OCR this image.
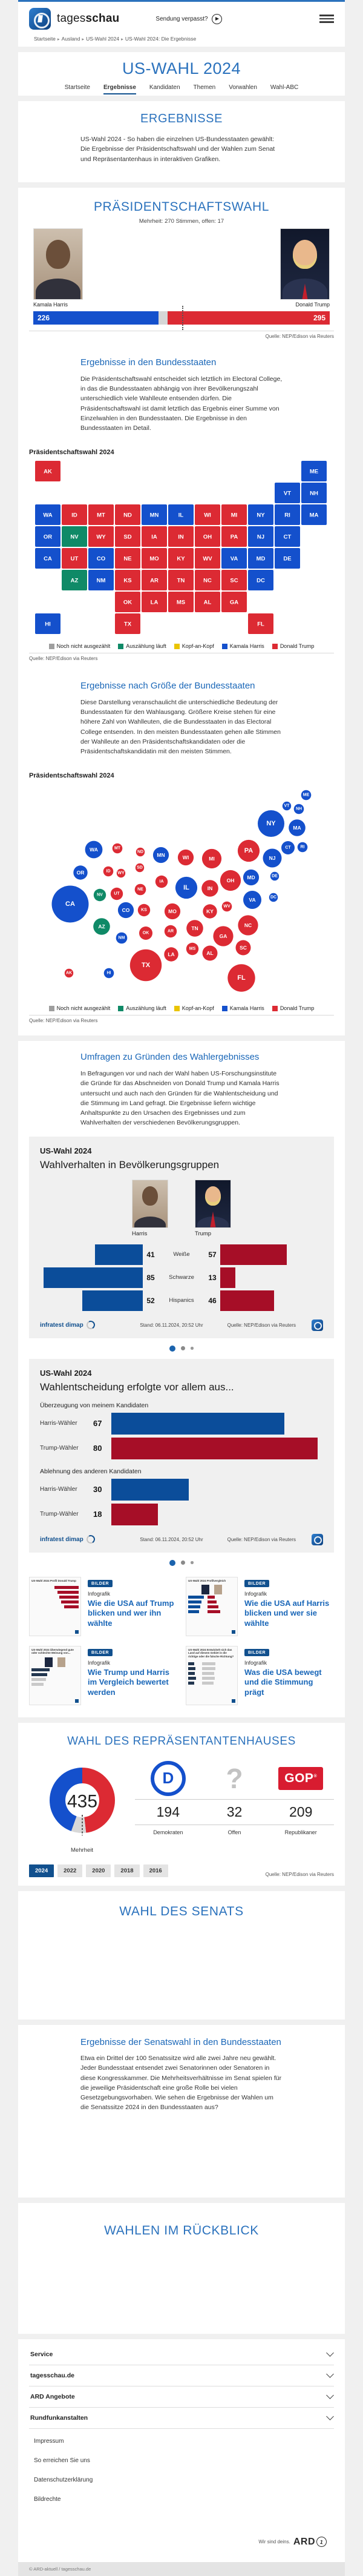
tagesschau	Sendung verpasst?
Startseite ▸ Ausland ▸ US-Wahl 2024 ▸ US-Wahl 2024: Die Ergebnisse
US-WAHL 2024
Startseite Ergebnisse Kandidaten Themen Vorwahlen Wahl-ABC
ERGEBNISSE

US-Wahl 2024 - So haben die einzelnen US-Bundesstaaten gewählt: Die Ergebnisse der Präsidentschaftswahl und der Wahlen zum Senat und Repräsentantenhaus in interaktiven Grafiken.

PRÄSIDENTSCHAFTSWAHL
Mehrheit: 270 Stimmen, offen: 17
Kamala Harris	Donald Trump
226	295
Quelle: NEP/Edison via Reuters
Ergebnisse in den Bundesstaaten

Die Präsidentschaftswahl entscheidet sich letztlich im Electoral College, in das die Bundesstaaten abhängig von ihrer Bevölkerungszahl unterschiedlich viele Wahlleute entsenden dürfen. Die Präsidentschaftswahl ist damit letztlich das Ergebnis einer Summe von Einzelwahlen in den Bundesstaaten. Die Ergebnisse in den Bundesstaaten im Detail.

Präsidentschaftswahl 2024
AK
AL
AR
AZ
CA	CO
CT
DC
DE
FL
GA
HI
IA
ID	IL
IN
KS
KY
LA
MA
MD
ME
MI
MN
MO
MS
MT
NC
ND
NE
NH
NJ
NM
NV
NY
OH
OK
OR	PA
RI
SC
SD
TN
TX
UT	VA
VT
WA	WI
WV
WY
Noch nicht ausgezählt	Auszählung läuft	Kopf-an-Kopf	Kamala Harris	Donald Trump
Quelle: NEP/Edison via Reuters
Ergebnisse nach Größe der Bundesstaaten

Diese Darstellung veranschaulicht die unterschiedliche Bedeutung der Bundesstaaten für den Wahlausgang. Größere Kreise stehen für eine höhere Zahl von Wahlleuten, die die Bundesstaaten in das Electoral College entsenden. In den meisten Bundesstaaten gehen alle Stimmen der Wahlleute an den Präsidentschaftskandidaten oder die Präsidentschaftskandidatin mit den meisten Stimmen.

Präsidentschaftswahl 2024
AK
AL
AR
AZ
CA
CO
CT
DC
DE
FL
GA
HI
IA
ID
IL	IN
KS	KY
LA
MA
MD
ME
MI
MN
MO
MS
MT
NC
ND
NE
NH
NJ
NM
NV
NY
OH
OK
OR
PA	RI
SC
SD
TN
TX
UT
VA
VT
WA
WI
WV
WY
Noch nicht ausgezählt	Auszählung läuft	Kopf-an-Kopf	Kamala Harris	Donald Trump
Quelle: NEP/Edison via Reuters
Umfragen zu Gründen des Wahlergebnisses

In Befragungen vor und nach der Wahl haben US-Forschungsinstitute die Gründe für das Abschneiden von Donald Trump und Kamala Harris untersucht und auch nach den Gründen für die Wahlentscheidung und die Stimmung im Land gefragt. Die Ergebnisse liefern wichtige Anhaltspunkte zu den Ursachen des Ergebnisses und zum Wahlverhalten der verschiedenen Bevölkerungsgruppen.

US-Wahl 2024
Wahlverhalten in Bevölkerungsgruppen
Harris	Trump
41	Weiße	57
85	Schwarze	13
52	Hispanics	46
infratest dimap	Stand: 06.11.2024, 20:52 Uhr	Quelle: NEP/Edison via Reuters
US-Wahl 2024
Wahlentscheidung erfolgte vor allem aus...
Überzeugung von meinem Kandidaten
Harris-Wähler	67
Trump-Wähler	80
Ablehnung des anderen Kandidaten
Harris-Wähler	30
Trump-Wähler	18
infratest dimap	Stand: 06.11.2024, 20:52 Uhr	Quelle: NEP/Edison via Reuters
US-Wahl 2024 Profil Donald Trump
BILDER
Infografik
Wie die USA auf Trump blicken und wer ihn wählte
US-Wahl 2024 Profilvergleich
BILDER
Infografik
Wie die USA auf Harris blicken und wer sie wählte
US-Wahl 2024 Überwiegend gute oder schlechte Meinung von...	BILDER
Infografik
Wie Trump und Harris im Vergleich bewertet werden
US-Wahl 2024 Entwickelt sich das Land auf diesem Gebiet in die richtige oder die falsche Richtung?
BILDER
Infografik
Was die USA bewegt und die Stimmung prägt
WAHL DES REPRÄSENTANTENHAUSES
435
Mehrheit
D
194
Demokraten
?
32
Offen
GOP®
209
Republikaner
2024	2022	2020	2018	2016
Quelle: NEP/Edison via Reuters
WAHL DES SENATS
Ergebnisse der Senatswahl in den Bundesstaaten

Etwa ein Drittel der 100 Senatssitze wird alle zwei Jahre neu gewählt. Jeder Bundesstaat entsendet zwei Senatorinnen oder Senatoren in diese Kongresskammer. Die Mehrheitsverhältnisse im Senat spielen für die jeweilige Präsidentschaft eine große Rolle bei vielen Gesetzgebungsvorhaben. Wie sehen die Ergebnisse der Wahlen um die Senatssitze 2024 in den Bundesstaaten aus?

WAHLEN IM RÜCKBLICK
Service
tagesschau.de
ARD Angebote
Rundfunkanstalten
Impressum
So erreichen Sie uns
Datenschutzerklärung
Bildrechte
Wir sind deins. ARD 1
© ARD-aktuell / tagesschau.de
